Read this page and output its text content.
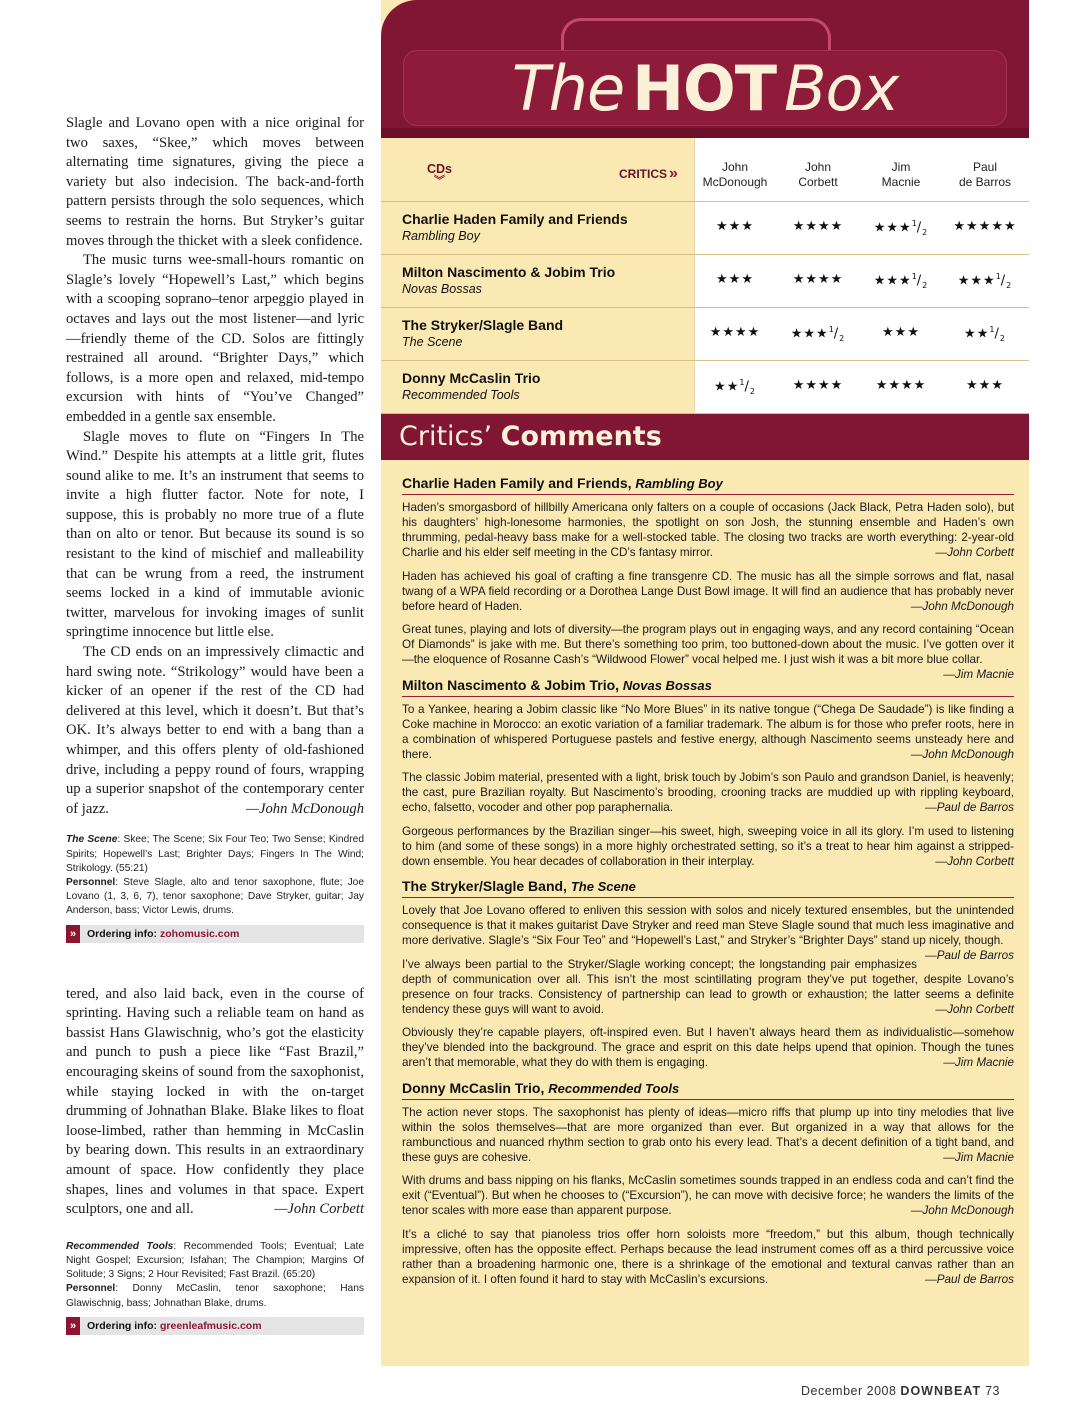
Slagle and Lovano open with a nice original for two saxes, “Skee,” which moves between alternating time signatures, giving the piece a variety but also indecision. The back-and-forth pattern persists through the solo sequences, which seems to restrain the horns. But Stryker’s guitar moves through the thicket with a sleek confidence.

The music turns wee-small-hours romantic on Slagle’s lovely “Hopewell’s Last,” which begins with a scooping soprano–tenor arpeggio played in octaves and lays out the most listener—and lyric—friendly theme of the CD. Solos are fittingly restrained all around. “Brighter Days,” which follows, is a more open and relaxed, mid-tempo excursion with hints of “You’ve Changed” embedded in a gentle sax ensemble.

Slagle moves to flute on “Fingers In The Wind.” Despite his attempts at a little grit, flutes sound alike to me. It’s an instrument that seems to invite a high flutter factor. Note for note, I suppose, this is probably no more true of a flute than on alto or tenor. But because its sound is so resistant to the kind of mischief and malleability that can be wrung from a reed, the instrument seems locked in a kind of immutable avionic twitter, marvelous for invoking images of sunlit springtime innocence but little else.

The CD ends on an impressively climactic and hard swing note. “Strikology” would have been a kicker of an opener if the rest of the CD had delivered at this level, which it doesn’t. But that’s OK. It’s always better to end with a bang than a whimper, and this offers plenty of old-fashioned drive, including a peppy round of fours, wrapping up a superior snapshot of the contemporary center of jazz.	—John McDonough

The Scene: Skee; The Scene; Six Four Teo; Two Sense; Kindred Spirits; Hopewell’s Last; Brighter Days; Fingers In The Wind; Strikology. (55:21)

Personnel: Steve Slagle, alto and tenor saxophone, flute; Joe Lovano (1, 3, 6, 7), tenor saxophone; Dave Stryker, guitar; Jay Anderson, bass; Victor Lewis, drums.

»	Ordering info: zohomusic.com

tered, and also laid back, even in the course of sprinting. Having such a reliable team on hand as bassist Hans Glawischnig, who’s got the elasticity and punch to push a piece like “Fast Brazil,” encouraging skeins of sound from the saxophonist, while staying locked in with the on-target drumming of Johnathan Blake. Blake likes to float loose-limbed, rather than hemming in McCaslin by bearing down. This results in an extraordinary amount of space. How confidently they place shapes, lines and volumes in that space. Expert sculptors, one and all.	—John Corbett

Recommended Tools: Recommended Tools; Eventual; Late Night Gospel; Excursion; Isfahan; The Champion; Margins Of Solitude; 3 Signs; 2 Hour Revisited; Fast Brazil. (65:20)

Personnel: Donny McCaslin, tenor saxophone; Hans Glawischnig, bass; Johnathan Blake, drums.

»	Ordering info: greenleafmusic.com
The HOT Box
CDs
︾	CRITICS »	John
McDonough
John
Corbett
Jim
Macnie
Paul
de Barros
Charlie Haden Family and Friends
Rambling Boy
★★★	★★★★	$★★★^1/_2$	★★★★★
Milton Nascimento & Jobim Trio
Novas Bossas
★★★	★★★★	$★★★^1/_2$	$★★★^1/_2$
The Stryker/Slagle Band
The Scene
★★★★	$★★★^1/_2$	★★★	$★★^1/_2$
Donny McCaslin Trio
Recommended Tools
$★★^1/_2$	★★★★	★★★★	★★★
Critics’ Comments
Charlie Haden Family and Friends, Rambling Boy

Haden’s smorgasbord of hillbilly Americana only falters on a couple of occasions (Jack Black, Petra Haden solo), but his daughters’ high-lonesome harmonies, the spotlight on son Josh, the stunning ensemble and Haden’s own thrumming, pedal-heavy bass make for a well-stocked table. The closing two tracks are worth everything: 2-year-old Charlie and his elder self meeting in the CD’s fantasy mirror.	—John Corbett

Haden has achieved his goal of crafting a fine transgenre CD. The music has all the simple sorrows and flat, nasal twang of a WPA field recording or a Dorothea Lange Dust Bowl image. It will find an audience that has probably never before heard of Haden.	—John McDonough

Great tunes, playing and lots of diversity—the program plays out in engaging ways, and any record containing “Ocean Of Diamonds” is jake with me. But there’s something too prim, too buttoned-down about the music. I’ve gotten over it—the eloquence of Rosanne Cash’s “Wildwood Flower” vocal helped me. I just wish it was a bit more blue collar.
—Jim Macnie

Milton Nascimento & Jobim Trio, Novas Bossas

To a Yankee, hearing a Jobim classic like “No More Blues” in its native tongue (“Chega De Saudade”) is like finding a Coke machine in Morocco: an exotic variation of a familiar trademark. The album is for those who prefer roots, here in a combination of whispered Portuguese pastels and festive energy, although Nascimento seems unsteady here and there.	—John McDonough

The classic Jobim material, presented with a light, brisk touch by Jobim’s son Paulo and grandson Daniel, is heavenly; the cast, pure Brazilian royalty. But Nascimento’s brooding, crooning tracks are muddied up with rippling keyboard, echo, falsetto, vocoder and other pop paraphernalia.	—Paul de Barros

Gorgeous performances by the Brazilian singer—his sweet, high, sweeping voice in all its glory. I’m used to listening to him (and some of these songs) in a more highly orchestrated setting, so it’s a treat to hear him against a stripped-down ensemble. You hear decades of collaboration in their interplay.	—John Corbett

The Stryker/Slagle Band, The Scene

Lovely that Joe Lovano offered to enliven this session with solos and nicely textured ensembles, but the unintended consequence is that it makes guitarist Dave Stryker and reed man Steve Slagle sound that much less imaginative and more derivative. Slagle’s “Six Four Teo” and “Hopewell’s Last,” and Stryker’s “Brighter Days” stand up nicely, though.
—Paul de Barros

I’ve always been partial to the Stryker/Slagle working concept; the longstanding pair emphasizes depth of communication over all. This isn’t the most scintillating program they’ve put together, despite Lovano’s presence on four tracks. Consistency of partnership can lead to growth or exhaustion; the latter seems a definite tendency these guys will want to avoid.	—John Corbett

Obviously they’re capable players, oft-inspired even. But I haven’t always heard them as individualistic—somehow they’ve blended into the background. The grace and esprit on this date helps upend that opinion. Though the tunes aren’t that memorable, what they do with them is engaging.	—Jim Macnie

Donny McCaslin Trio, Recommended Tools

The action never stops. The saxophonist has plenty of ideas—micro riffs that plump up into tiny melodies that live within the solos themselves—that are more organized than ever. But organized in a way that allows for the rambunctious and nuanced rhythm section to grab onto his every lead. That’s a decent definition of a tight band, and these guys are cohesive.	—Jim Macnie

With drums and bass nipping on his flanks, McCaslin sometimes sounds trapped in an endless coda and can’t find the exit (“Eventual”). But when he chooses to (“Excursion”), he can move with decisive force; he wanders the limits of the tenor scales with more ease than apparent purpose.	—John McDonough

It’s a cliché to say that pianoless trios offer horn soloists more “freedom,” but this album, though technically impressive, often has the opposite effect. Perhaps because the lead instrument comes off as a third percussive voice rather than a broadening harmonic one, there is a shrinkage of the emotional and textural canvas rather than an expansion of it. I often found it hard to stay with McCaslin’s excursions.	—Paul de Barros

December 2008 DOWNBEAT 73
